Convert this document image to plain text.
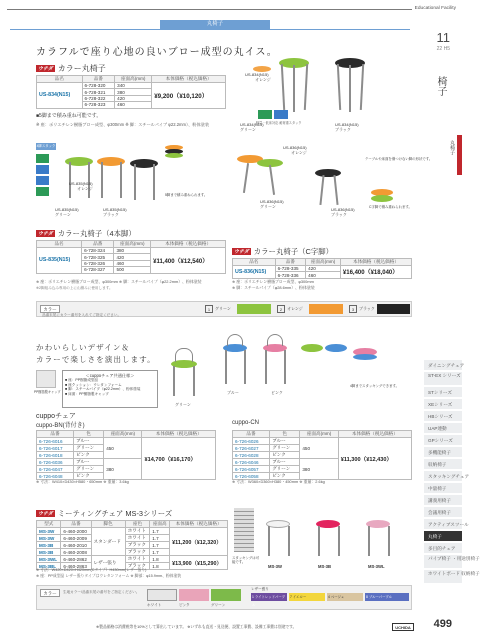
Educational Facility
丸椅子
11
22 H5
椅子
丸椅子
カラフルで座り心地の良いブロー成型の丸イス。
ウチダ カラー丸椅子
品名	品番	座面高(mm)	本体価格（税込価格）
US-834(N15)	6-728-320	340	¥9,200（¥10,120）
	6-728-321	380	
	6-728-322	420	
	6-728-323	460	
■5脚まで積み重ね可能です。
※ 座：ポリエチレン樹脂ブロー成型、φ300mm ※ 脚：スチールパイプ φ22.2mm）、粉体塗装
US-834(N15)
オレンジ
US-834(N15)
グリーン
US-834(N15)
ブラック
軽量・低床対応 耐荷重スタック
4脚スタック
5脚まで積み重ねられます。
US-835(N15)
グリーン
US-835(N15)
ブラック
US-835(N15)
オレンジ
US-836(N15)
オレンジ
テーブルや床面を傷つけない脚の形状です。
US-836(N15)
グリーン
US-836(N15)
ブラック
C字脚で積み重ねられます。
ウチダ カラー丸椅子（4本脚）
品名	品番	座面高(mm)	本体価格（税込価格）
US-835(N15)	6-728-324	380	¥11,400（¥12,540）
	6-728-325	420	
	6-728-326	460	
	6-728-327	500	
※ 座：ポリエチレン樹脂ブロー成型、φ300mm ※ 脚：スチールパイプ（φ22.2mm）、粉体塗装
※2脚組み込み専用の上に山積みに使用します。
ウチダ カラー丸椅子（C字脚）
品名	品番	座面高(mm)	本体価格（税込価格）
US-836(N15)	6-728-335	420	¥16,400（¥18,040）
	6-728-336	460	
※ 座：ポリエチレン樹脂ブロー成型、φ300mm
※ 脚：スチールパイプ（φ28.6mm）、粉体塗装
カラー
品番末尾にカラー番号を入れてご指定ください。
1	グリーン	2	オレンジ	3	ブラック
かわいらしいデザイン＆
カラーで楽しさを演出します。
＜cuppoチェア共通仕様＞
■ 座：PP樹脂成型品
■ 座クッション：ウレタンフォーム
■ 脚：スチールパイプ（φ22.2mm）、粉体塗装
■ 床面：PP樹脂製キャップ
PP樹脂製キャップ
グリーン
ブルー	ピンク
4脚までスタッキングできます。
cuppoチェア
cuppo-BN(背付き)
品番	色	座面高(mm)	本体価格（税込価格）
6-726-6016	ブルー	450	¥14,700（¥16,170）
6-726-6017	グリーン		
6-726-6018	ピンク		
6-726-6036	ブルー	380	
6-726-6047	グリーン		
6-726-6048	ピンク		
※ 寸法：W410×D430×H580・650mm ※ 重量：3.6kg
cuppo-CN
品番	色	座面高(mm)	本体価格（税込価格）
6-726-6026	ブルー	450	¥11,300（¥12,430）
6-726-6027	グリーン		
6-726-6028	ピンク		
6-726-6046	ブルー	380	
6-726-6057	グリーン		
6-726-6058	ピンク		
※ 寸法：W360×D360×H380・450mm ※ 重量：2.6kg
ウチダ ミーティングチェア MS-3シリーズ
型式	品番	脚色	座色	座面高	本体価格（税込価格）
MS-3W	6-460-2000	スタンダード	ホワイト	1.7	¥11,200（¥12,320）
MS-3W	6-460-2009		ホワイト	1.7	
MS-3B	6-460-2010		ブラック	1.7	
MS-3B	6-460-2008		ブラック	1.7	
MS-3WL	6-460-2862	レザー張り	ホワイト	1.8	¥13,900（¥15,290）
MS-3BL	6-460-2863		ブラック	1.8	
※ 寸法：W420×D420×H420mm(Cタイプ）H430mm(レザー張り)
※ 座：PP成型品 レザー張りタイプはウレタンフォーム ※ 脚部：φ15.9mm、粉体塗装
スタッキングは可能です。
MS-3W	MS-3B	MS-3WL
カラー	生地カラー/品番末尾の番号をご指定ください。
ホワイト	ピンク	グリーン
レザー張り
1 ライトレッドパープル
7 イエロー	4 ベージュ	8 ブルーパープル
ダイニングチェア
ST-EX シリーズ
STシリーズ
XEシリーズ
HBシリーズ
UAP連動
GPシリーズ
多機能椅子
収納椅子
スタッキングチェア
中量椅子
講義用椅子
会議用椅子
アクティブスツール
丸椅子
多目的チェア
パイプ椅子 ・用途別椅子
ホワイトボード 収納椅子
※製品価格は消費税等を10%として算出しています。 ※いずれも直送・見送便、設置工事費、設備工事費は別途です。	UCHIDA 499
